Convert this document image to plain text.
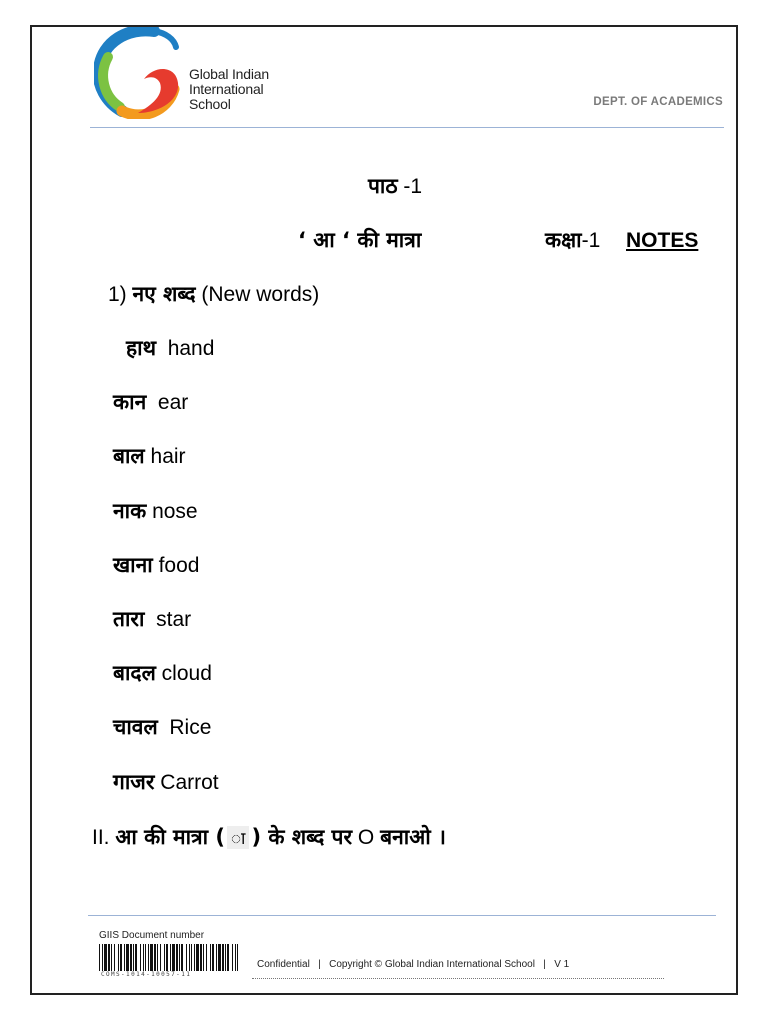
Global Indian
International
School	DEPT. OF ACADEMICS
पाठ -1
‘ आ ‘ की मात्रा	कक्षा-1 NOTES
1) नए शब्द (New words)
हाथ hand
कान ear
बाल hair
नाक nose
खाना food
तारा star
बादल cloud
चावल Rice
गाजर Carrot
II. आ की मात्रा ( ा ) के शब्द पर O बनाओ ।
GIIS Document number
COMS-1014-10057-11
Confidential | Copyright © Global Indian International School | V 1
